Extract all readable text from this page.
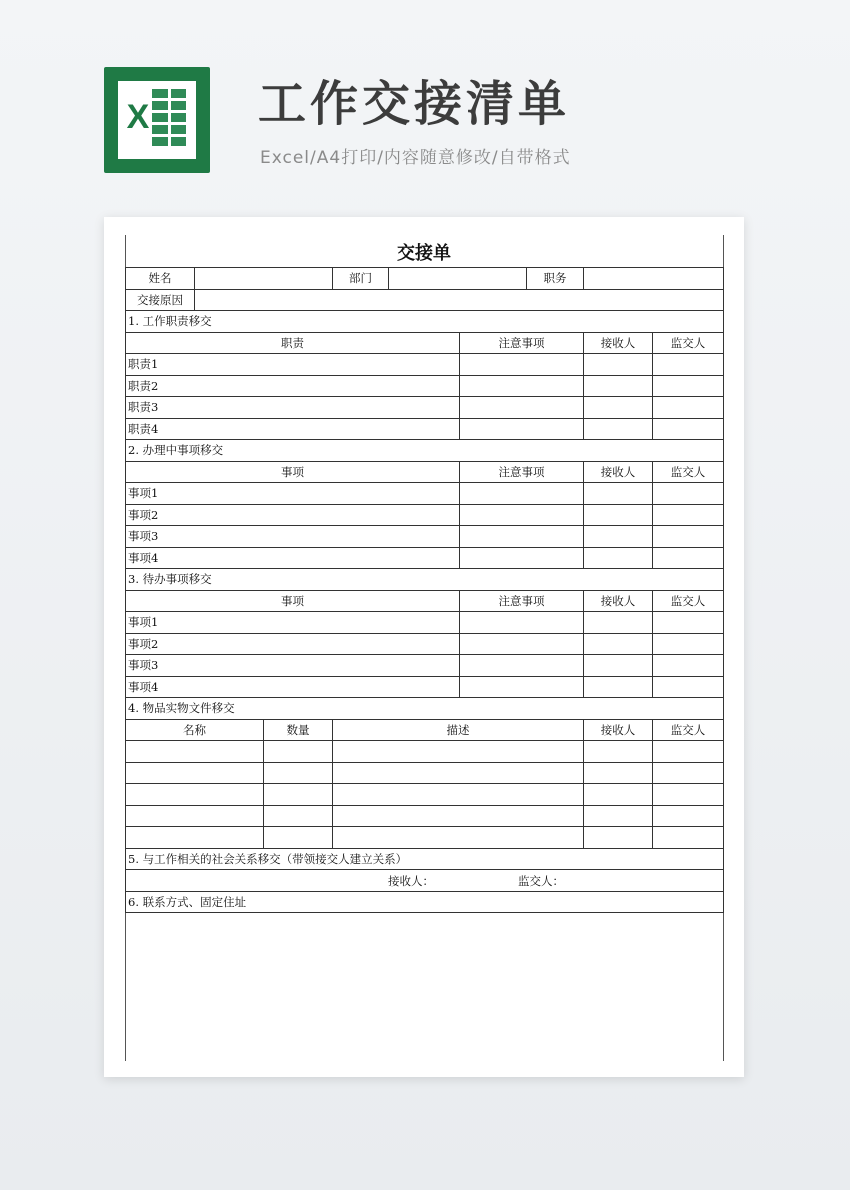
X 工作交接清单
Excel/A4打印/内容随意修改/自带格式
交接单
姓名			部门			职务		
交接原因								
1. 工作职责移交								
职责					注意事项		接收人	监交人
职责1								
职责2								
职责3								
职责4								
2. 办理中事项移交								
事项					注意事项		接收人	监交人
事项1								
事项2								
事项3								
事项4								
3. 待办事项移交								
事项					注意事项		接收人	监交人
事项1								
事项2								
事项3								
事项4								
4. 物品实物文件移交								
名称		数量	描述				接收人	监交人

5. 与工作相关的社会关系移交（带领接交人建立关系）								

接收人： 监交人：								

6. 联系方式、固定住址								
